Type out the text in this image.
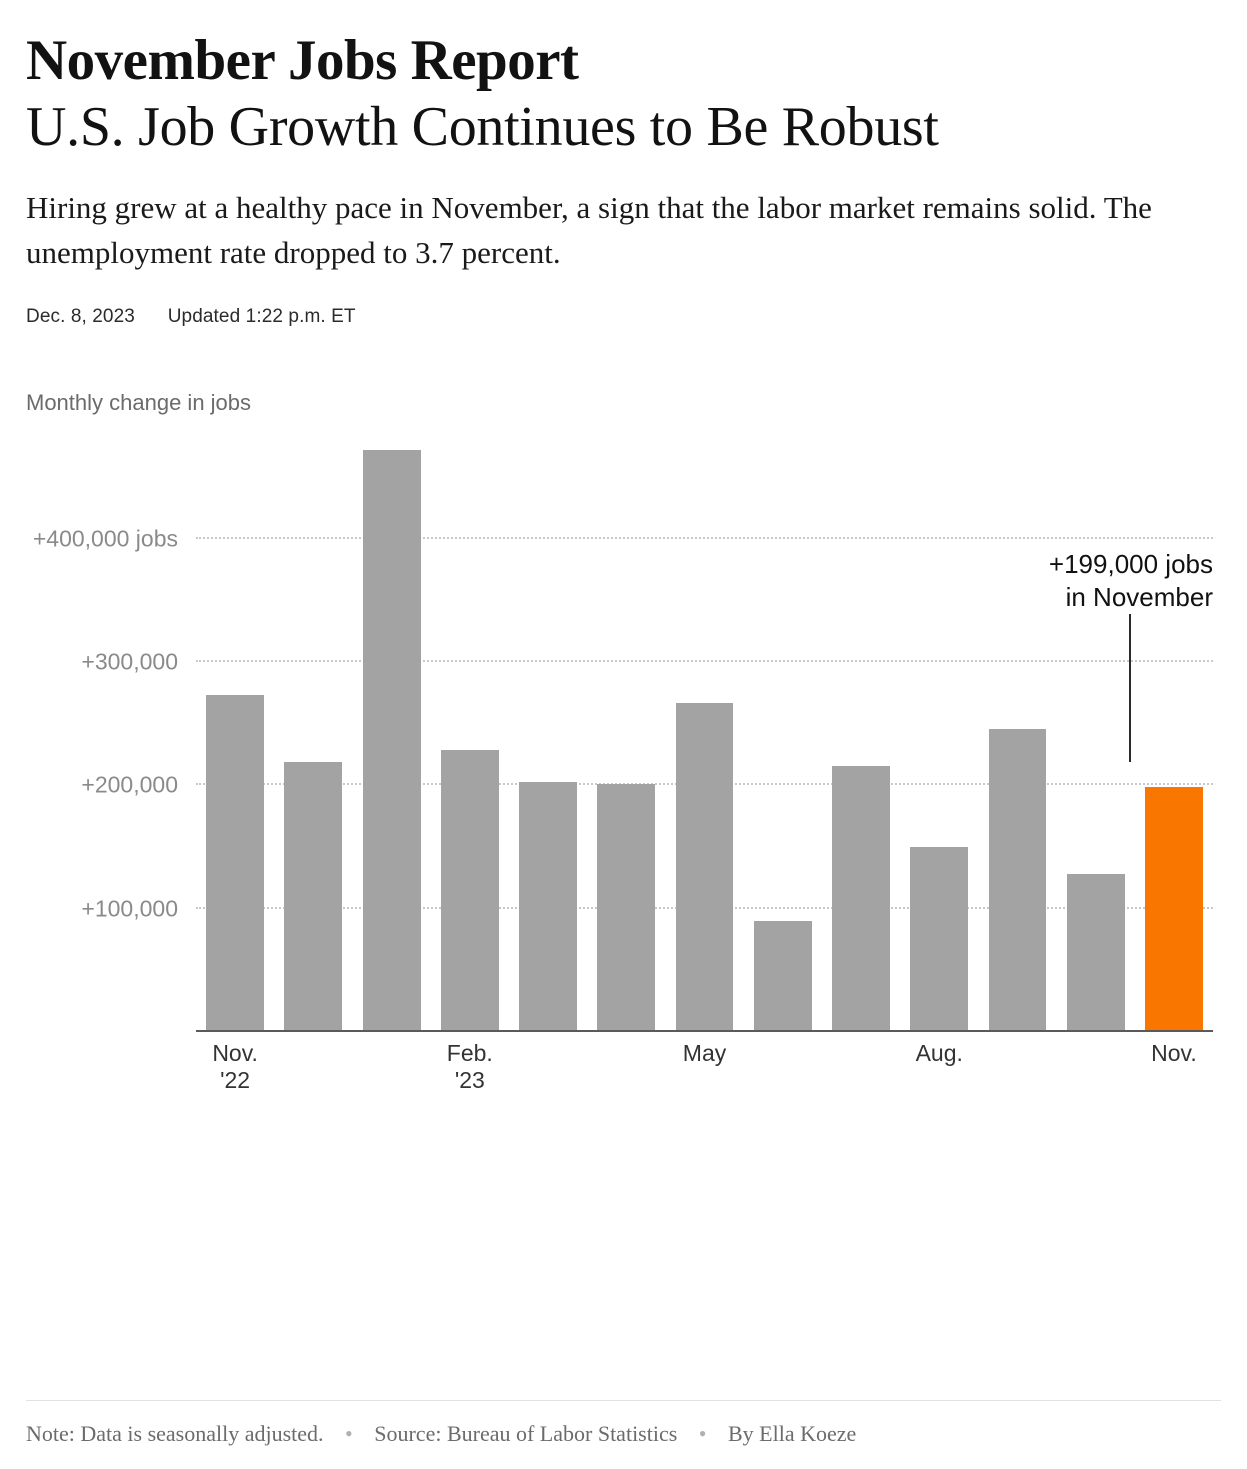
November Jobs Report
U.S. Job Growth Continues to Be Robust

Hiring grew at a healthy pace in November, a sign that the labor market remains solid. The unemployment rate dropped to 3.7 percent.

Dec. 8, 2023 Updated 1:22 p.m. ET
Monthly change in jobs
+400,000 jobs
+300,000
+200,000
+100,000
Nov. '22
Feb. '23
May	Aug.	Nov.
+199,000 jobs
in November
Note: Data is seasonally adjusted. • Source: Bureau of Labor Statistics • By Ella Koeze
